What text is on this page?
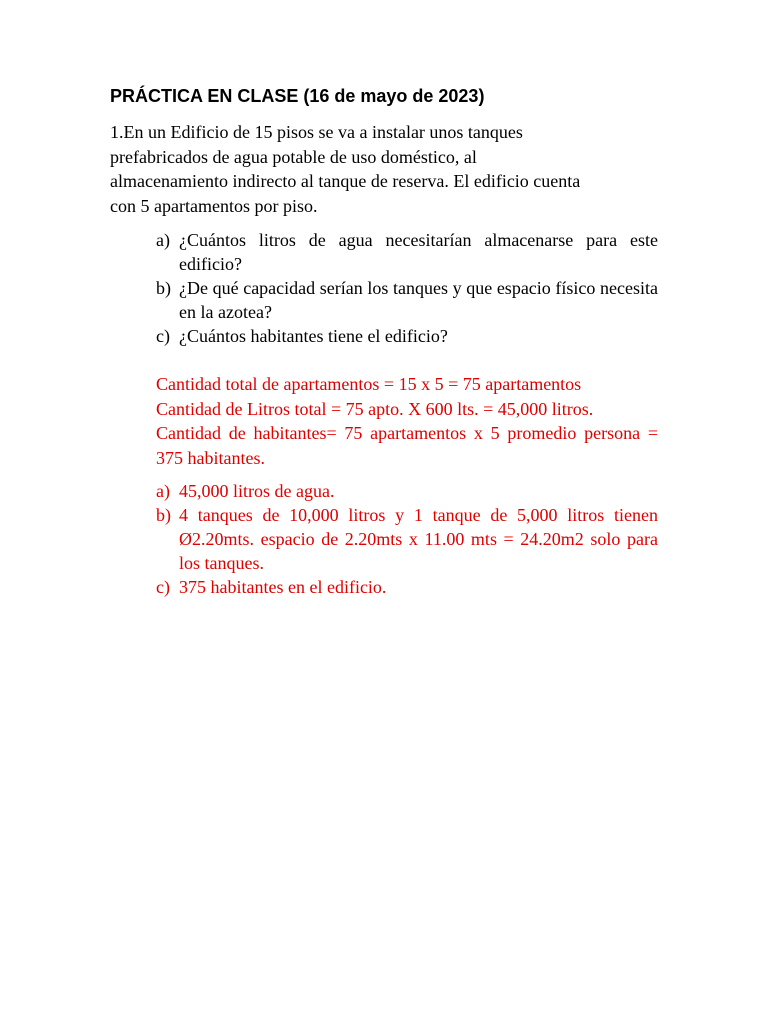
PRÁCTICA EN CLASE (16 de mayo de 2023)
1.En un Edificio de 15 pisos se va a instalar unos tanques
prefabricados de agua potable de uso doméstico, al
almacenamiento indirecto al tanque de reserva. El edificio cuenta
con 5 apartamentos por piso.
a) ¿Cuántos litros de agua necesitarían almacenarse para este edificio?
b) ¿De qué capacidad serían los tanques y que espacio físico necesita en la azotea?
c) ¿Cuántos habitantes tiene el edificio?
Cantidad total de apartamentos = 15 x 5 = 75 apartamentos
Cantidad de Litros total = 75 apto. X 600 lts. = 45,000 litros.
Cantidad de habitantes= 75 apartamentos x 5 promedio persona = 375 habitantes.
a) 45,000 litros de agua.
b) 4 tanques de 10,000 litros y 1 tanque de 5,000 litros tienen Ø2.20mts. espacio de 2.20mts x 11.00 mts = 24.20m2 solo para los tanques.
c) 375 habitantes en el edificio.
